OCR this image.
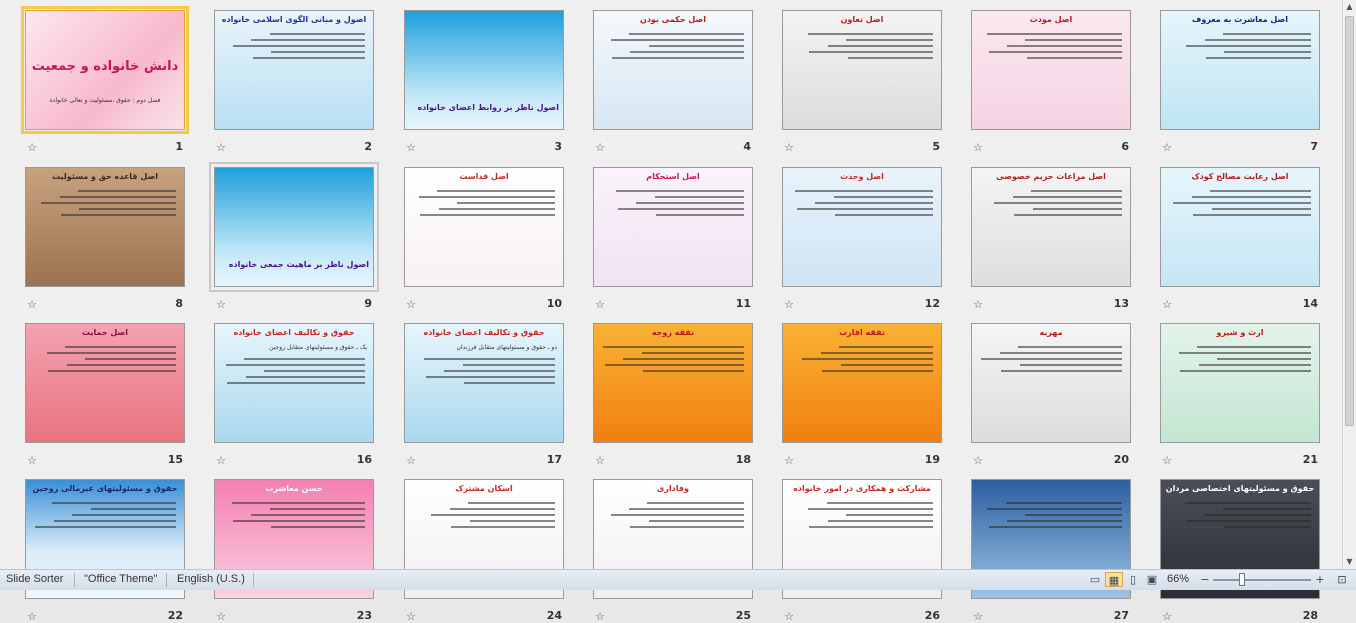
دانش خانواده و جمعیت
فصل دوم : حقوق ،مسئولیت و تعالی خانواده
☆	1
اصول و مبانی الگوی اسلامی خانواده
☆	2
اصول ناظر بر روابط اعضای خانواده
☆	3
اصل حکمی بودن
☆	4
اصل تعاون
☆	5
اصل مودت
☆	6
اصل معاشرت به معروف
☆	7
اصل قاعده حق و مسئولیت
☆	8
اصول ناظر بر ماهیت جمعی خانواده
☆	9
اصل قداست
☆	10
اصل استحکام
☆	11
اصل وحدت
☆	12
اصل مراعات حریم خصوصی
☆	13
اصل رعایت مصالح کودک
☆	14
اصل حمایت
☆	15
حقوق و تکالیف اعضای خانواده
یک ـ حقوق و مسئولیتهای متقابل زوجین
☆	16
حقوق و تکالیف اعضای خانواده
دو ـ حقوق و مسئولیتهای متقابل فرزندان
☆	17
نفقه زوجه
☆	18
نفقه اقارب
☆	19
مهریه
☆	20
ارث و شیرو
☆	21
حقوق و مسئولیتهای غیرمالی زوجین
☆	22
حسن معاشرت
☆	23
اسکان مشترک
☆	24
وفاداری
☆	25
مشارکت و همکاری در امور خانواده
☆	26	☆	27
حقوق و مسئولیتهای اختصاصی مردان
☆	28
▲
▼
Slide Sorter "Office Theme" English (U.S.)	▭ ▦ ▯ ▣ 66%	−	+	⊡
